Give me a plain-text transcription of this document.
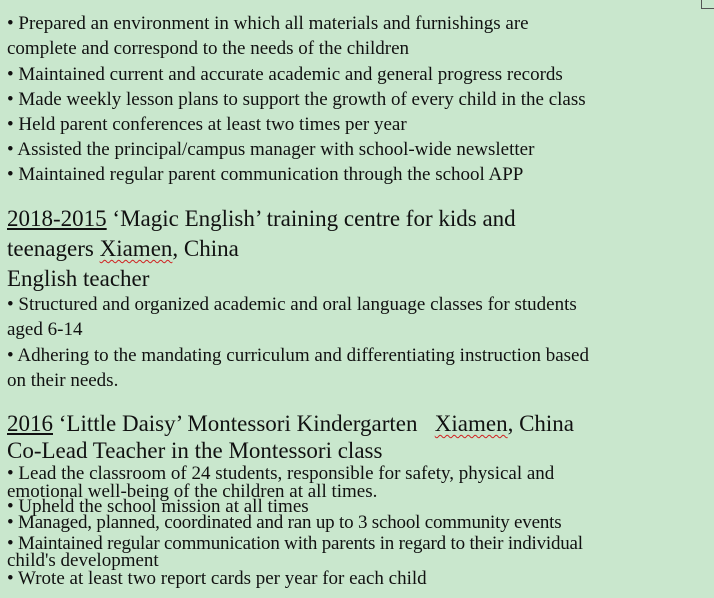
• Prepared an environment in which all materials and furnishings are
complete and correspond to the needs of the children
• Maintained current and accurate academic and general progress records
• Made weekly lesson plans to support the growth of every child in the class
• Held parent conferences at least two times per year
• Assisted the principal/campus manager with school-wide newsletter
• Maintained regular parent communication through the school APP
2018-2015 ‘Magic English’ training centre for kids and
teenagers Xiamen, China
English teacher
• Structured and organized academic and oral language classes for students
aged 6-14
• Adhering to the mandating curriculum and differentiating instruction based
on their needs.
2016 ‘Little Daisy’ Montessori Kindergarten   Xiamen, China
Co-Lead Teacher in the Montessori class
• Lead the classroom of 24 students, responsible for safety, physical and
emotional well-being of the children at all times.
• Upheld the school mission at all times
• Managed, planned, coordinated and ran up to 3 school community events
• Maintained regular communication with parents in regard to their individual
child's development
• Wrote at least two report cards per year for each child
